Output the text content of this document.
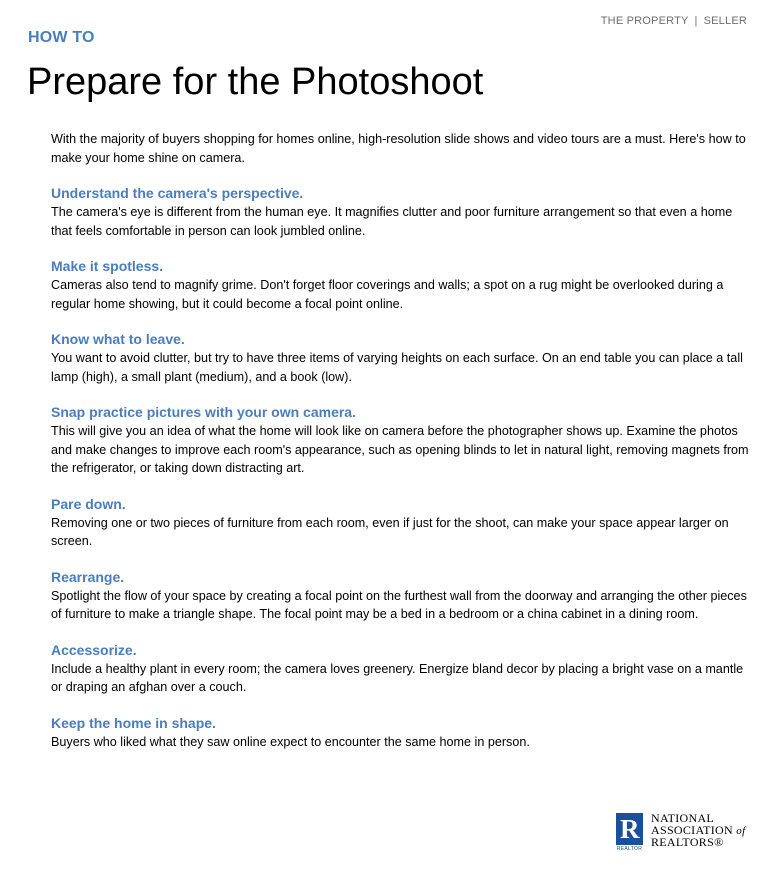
THE PROPERTY | SELLER
HOW TO
Prepare for the Photoshoot

With the majority of buyers shopping for homes online, high-resolution slide shows and video tours are a must. Here's how to make your home shine on camera.

Understand the camera's perspective.

The camera's eye is different from the human eye. It magnifies clutter and poor furniture arrangement so that even a home that feels comfortable in person can look jumbled online.

Make it spotless.

Cameras also tend to magnify grime. Don't forget floor coverings and walls; a spot on a rug might be overlooked during a regular home showing, but it could become a focal point online.

Know what to leave.

You want to avoid clutter, but try to have three items of varying heights on each surface. On an end table you can place a tall lamp (high), a small plant (medium), and a book (low).

Snap practice pictures with your own camera.

This will give you an idea of what the home will look like on camera before the photographer shows up. Examine the photos and make changes to improve each room's appearance, such as opening blinds to let in natural light, removing magnets from the refrigerator, or taking down distracting art.

Pare down.

Removing one or two pieces of furniture from each room, even if just for the shoot, can make your space appear larger on screen.

Rearrange.

Spotlight the flow of your space by creating a focal point on the furthest wall from the doorway and arranging the other pieces of furniture to make a triangle shape. The focal point may be a bed in a bedroom or a china cabinet in a dining room.

Accessorize.

Include a healthy plant in every room; the camera loves greenery. Energize bland decor by placing a bright vase on a mantle or draping an afghan over a couch.

Keep the home in shape.

Buyers who liked what they saw online expect to encounter the same home in person.

R
REALTOR
NATIONAL
ASSOCIATION of
REALTORS®
